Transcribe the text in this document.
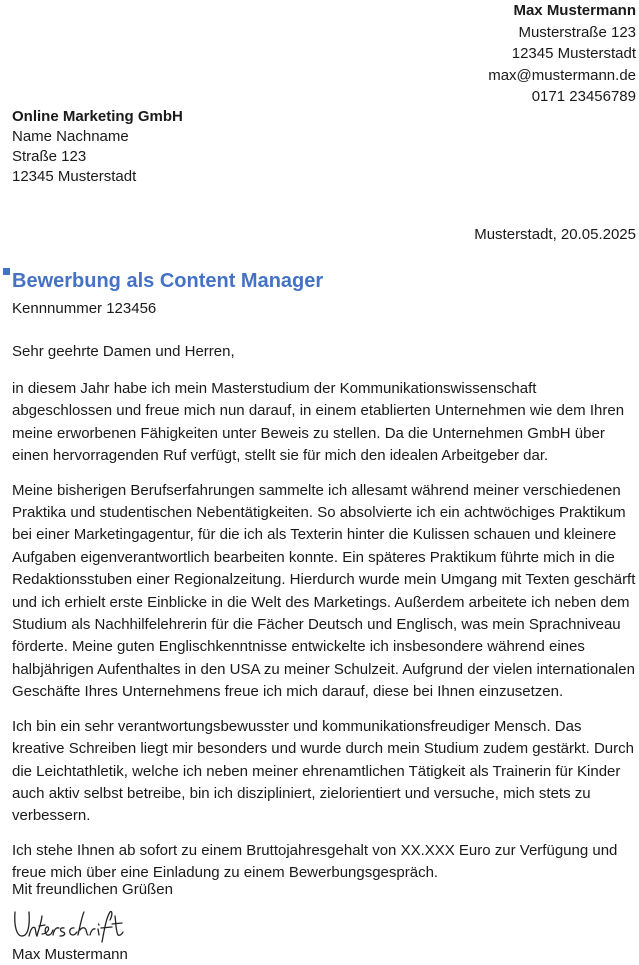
Max Mustermann
Musterstraße 123
12345 Musterstadt
max@mustermann.de
0171 23456789
Online Marketing GmbH
Name Nachname
Straße 123
12345 Musterstadt
Musterstadt, 20.05.2025
Bewerbung als Content Manager
Kennnummer 123456
Sehr geehrte Damen und Herren,

in diesem Jahr habe ich mein Masterstudium der Kommunikationswissenschaft abgeschlossen und freue mich nun darauf, in einem etablierten Unternehmen wie dem Ihren meine erworbenen Fähigkeiten unter Beweis zu stellen. Da die Unternehmen GmbH über einen hervorragenden Ruf verfügt, stellt sie für mich den idealen Arbeitgeber dar.

Meine bisherigen Berufserfahrungen sammelte ich allesamt während meiner verschiedenen Praktika und studentischen Nebentätigkeiten. So absolvierte ich ein achtwöchiges Praktikum bei einer Marketingagentur, für die ich als Texterin hinter die Kulissen schauen und kleinere Aufgaben eigenverantwortlich bearbeiten konnte. Ein späteres Praktikum führte mich in die Redaktionsstuben einer Regionalzeitung. Hierdurch wurde mein Umgang mit Texten geschärft und ich erhielt erste Einblicke in die Welt des Marketings. Außerdem arbeitete ich neben dem Studium als Nachhilfelehrerin für die Fächer Deutsch und Englisch, was mein Sprachniveau förderte. Meine guten Englischkenntnisse entwickelte ich insbesondere während eines halbjährigen Aufenthaltes in den USA zu meiner Schulzeit. Aufgrund der vielen internationalen Geschäfte Ihres Unternehmens freue ich mich darauf, diese bei Ihnen einzusetzen.

Ich bin ein sehr verantwortungsbewusster und kommunikationsfreudiger Mensch. Das kreative Schreiben liegt mir besonders und wurde durch mein Studium zudem gestärkt. Durch die Leichtathletik, welche ich neben meiner ehrenamtlichen Tätigkeit als Trainerin für Kinder auch aktiv selbst betreibe, bin ich diszipliniert, zielorientiert und versuche, mich stets zu verbessern.

Ich stehe Ihnen ab sofort zu einem Bruttojahresgehalt von XX.XXX Euro zur Verfügung und freue mich über eine Einladung zu einem Bewerbungsgespräch.

Mit freundlichen Grüßen
Max Mustermann
